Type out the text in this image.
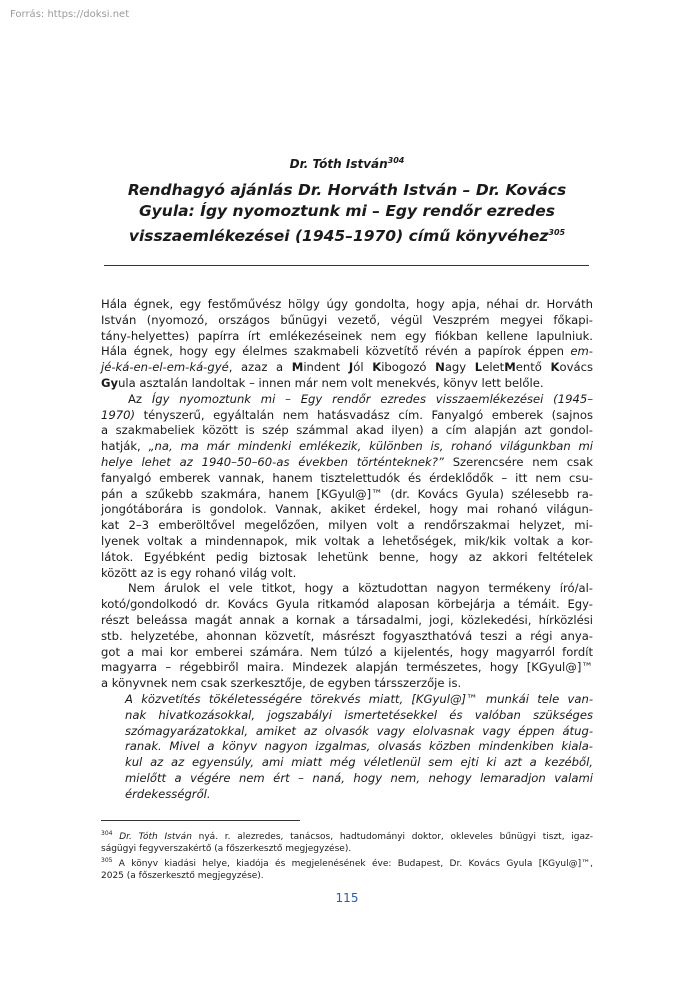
Forrás: https://doksi.net
Dr. Tóth István$^{304}$
Rendhagyó ajánlás Dr. Horváth István – Dr. Kovács
Gyula: Így nyomoztunk mi – Egy rendőr ezredes
visszaemlékezései (1945–1970) című könyvéhez$^{305}$
Hála égnek, egy festőművész hölgy úgy gondolta, hogy apja, néhai dr. Horváth
István (nyomozó, országos bűnügyi vezető, végül Veszprém megyei főkapi-
tány-helyettes) papírra írt emlékezéseinek nem egy fiókban kellene lapulniuk.
Hála égnek, hogy egy élelmes szakmabeli közvetítő révén a papírok éppen em-
jé-ká-en-el-em-ká-gyé, azaz a Mindent Jól Kibogozó Nagy LeletMentő Kovács
Gyula asztalán landoltak – innen már nem volt menekvés, könyv lett belőle.
Az Így nyomoztunk mi – Egy rendőr ezredes visszaemlékezései (1945–
1970) tényszerű, egyáltalán nem hatásvadász cím. Fanyalgó emberek (sajnos
a szakmabeliek között is szép számmal akad ilyen) a cím alapján azt gondol-
hatják, „na, ma már mindenki emlékezik, különben is, rohanó világunkban mi
helye lehet az 1940–50–60-as években történteknek?” Szerencsére nem csak
fanyalgó emberek vannak, hanem tisztelettudók és érdeklődők – itt nem csu-
pán a szűkebb szakmára, hanem [KGyul@]™ (dr. Kovács Gyula) szélesebb ra-
jongótáborára is gondolok. Vannak, akiket érdekel, hogy mai rohanó világun-
kat 2–3 emberöltővel megelőzően, milyen volt a rendőrszakmai helyzet, mi-
lyenek voltak a mindennapok, mik voltak a lehetőségek, mik/kik voltak a kor-
látok. Egyébként pedig biztosak lehetünk benne, hogy az akkori feltételek
között az is egy rohanó világ volt.
Nem árulok el vele titkot, hogy a köztudottan nagyon termékeny író/al-
kotó/gondolkodó dr. Kovács Gyula ritkamód alaposan körbejárja a témáit. Egy-
részt beleássa magát annak a kornak a társadalmi, jogi, közlekedési, hírközlési
stb. helyzetébe, ahonnan közvetít, másrészt fogyaszthatóvá teszi a régi anya-
got a mai kor emberei számára. Nem túlzó a kijelentés, hogy magyarról fordít
magyarra – régebbiről maira. Mindezek alapján természetes, hogy [KGyul@]™
a könyvnek nem csak szerkesztője, de egyben társszerzője is.
A közvetítés tökéletességére törekvés miatt, [KGyul@]™ munkái tele van-
nak hivatkozásokkal, jogszabályi ismertetésekkel és valóban szükséges
szómagyarázatokkal, amiket az olvasók vagy elolvasnak vagy éppen átug-
ranak. Mivel a könyv nagyon izgalmas, olvasás közben mindenkiben kiala-
kul az az egyensúly, ami miatt még véletlenül sem ejti ki azt a kezéből,
mielőtt a végére nem ért – naná, hogy nem, nehogy lemaradjon valami
érdekességről.
$^{304}$ Dr. Tóth István nyá. r. alezredes, tanácsos, hadtudományi doktor, okleveles bűnügyi tiszt, igaz-
ságügyi fegyverszakértő (a főszerkesztő megjegyzése).
$^{305}$ A könyv kiadási helye, kiadója és megjelenésének éve: Budapest, Dr. Kovács Gyula [KGyul@]™,
2025 (a főszerkesztő megjegyzése).
115
